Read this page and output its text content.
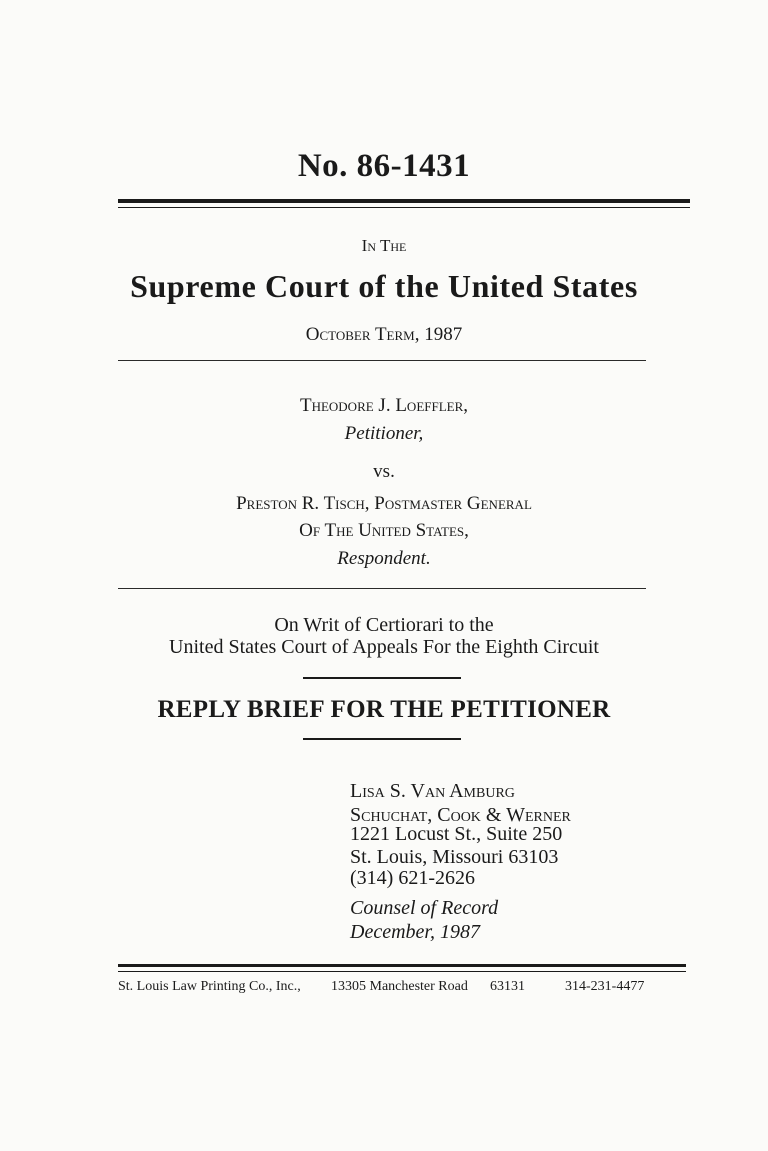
No. 86-1431
In The
Supreme Court of the United States
October Term, 1987
Theodore J. Loeffler,
Petitioner,
vs.
Preston R. Tisch, Postmaster General
Of The United States,
Respondent.
On Writ of Certiorari to the
United States Court of Appeals For the Eighth Circuit
REPLY BRIEF FOR THE PETITIONER
Lisa S. Van Amburg
Schuchat, Cook & Werner
1221 Locust St., Suite 250
St. Louis, Missouri 63103
(314) 621-2626
Counsel of Record
December, 1987
St. Louis Law Printing Co., Inc., 13305 Manchester Road 63131	314-231-4477
